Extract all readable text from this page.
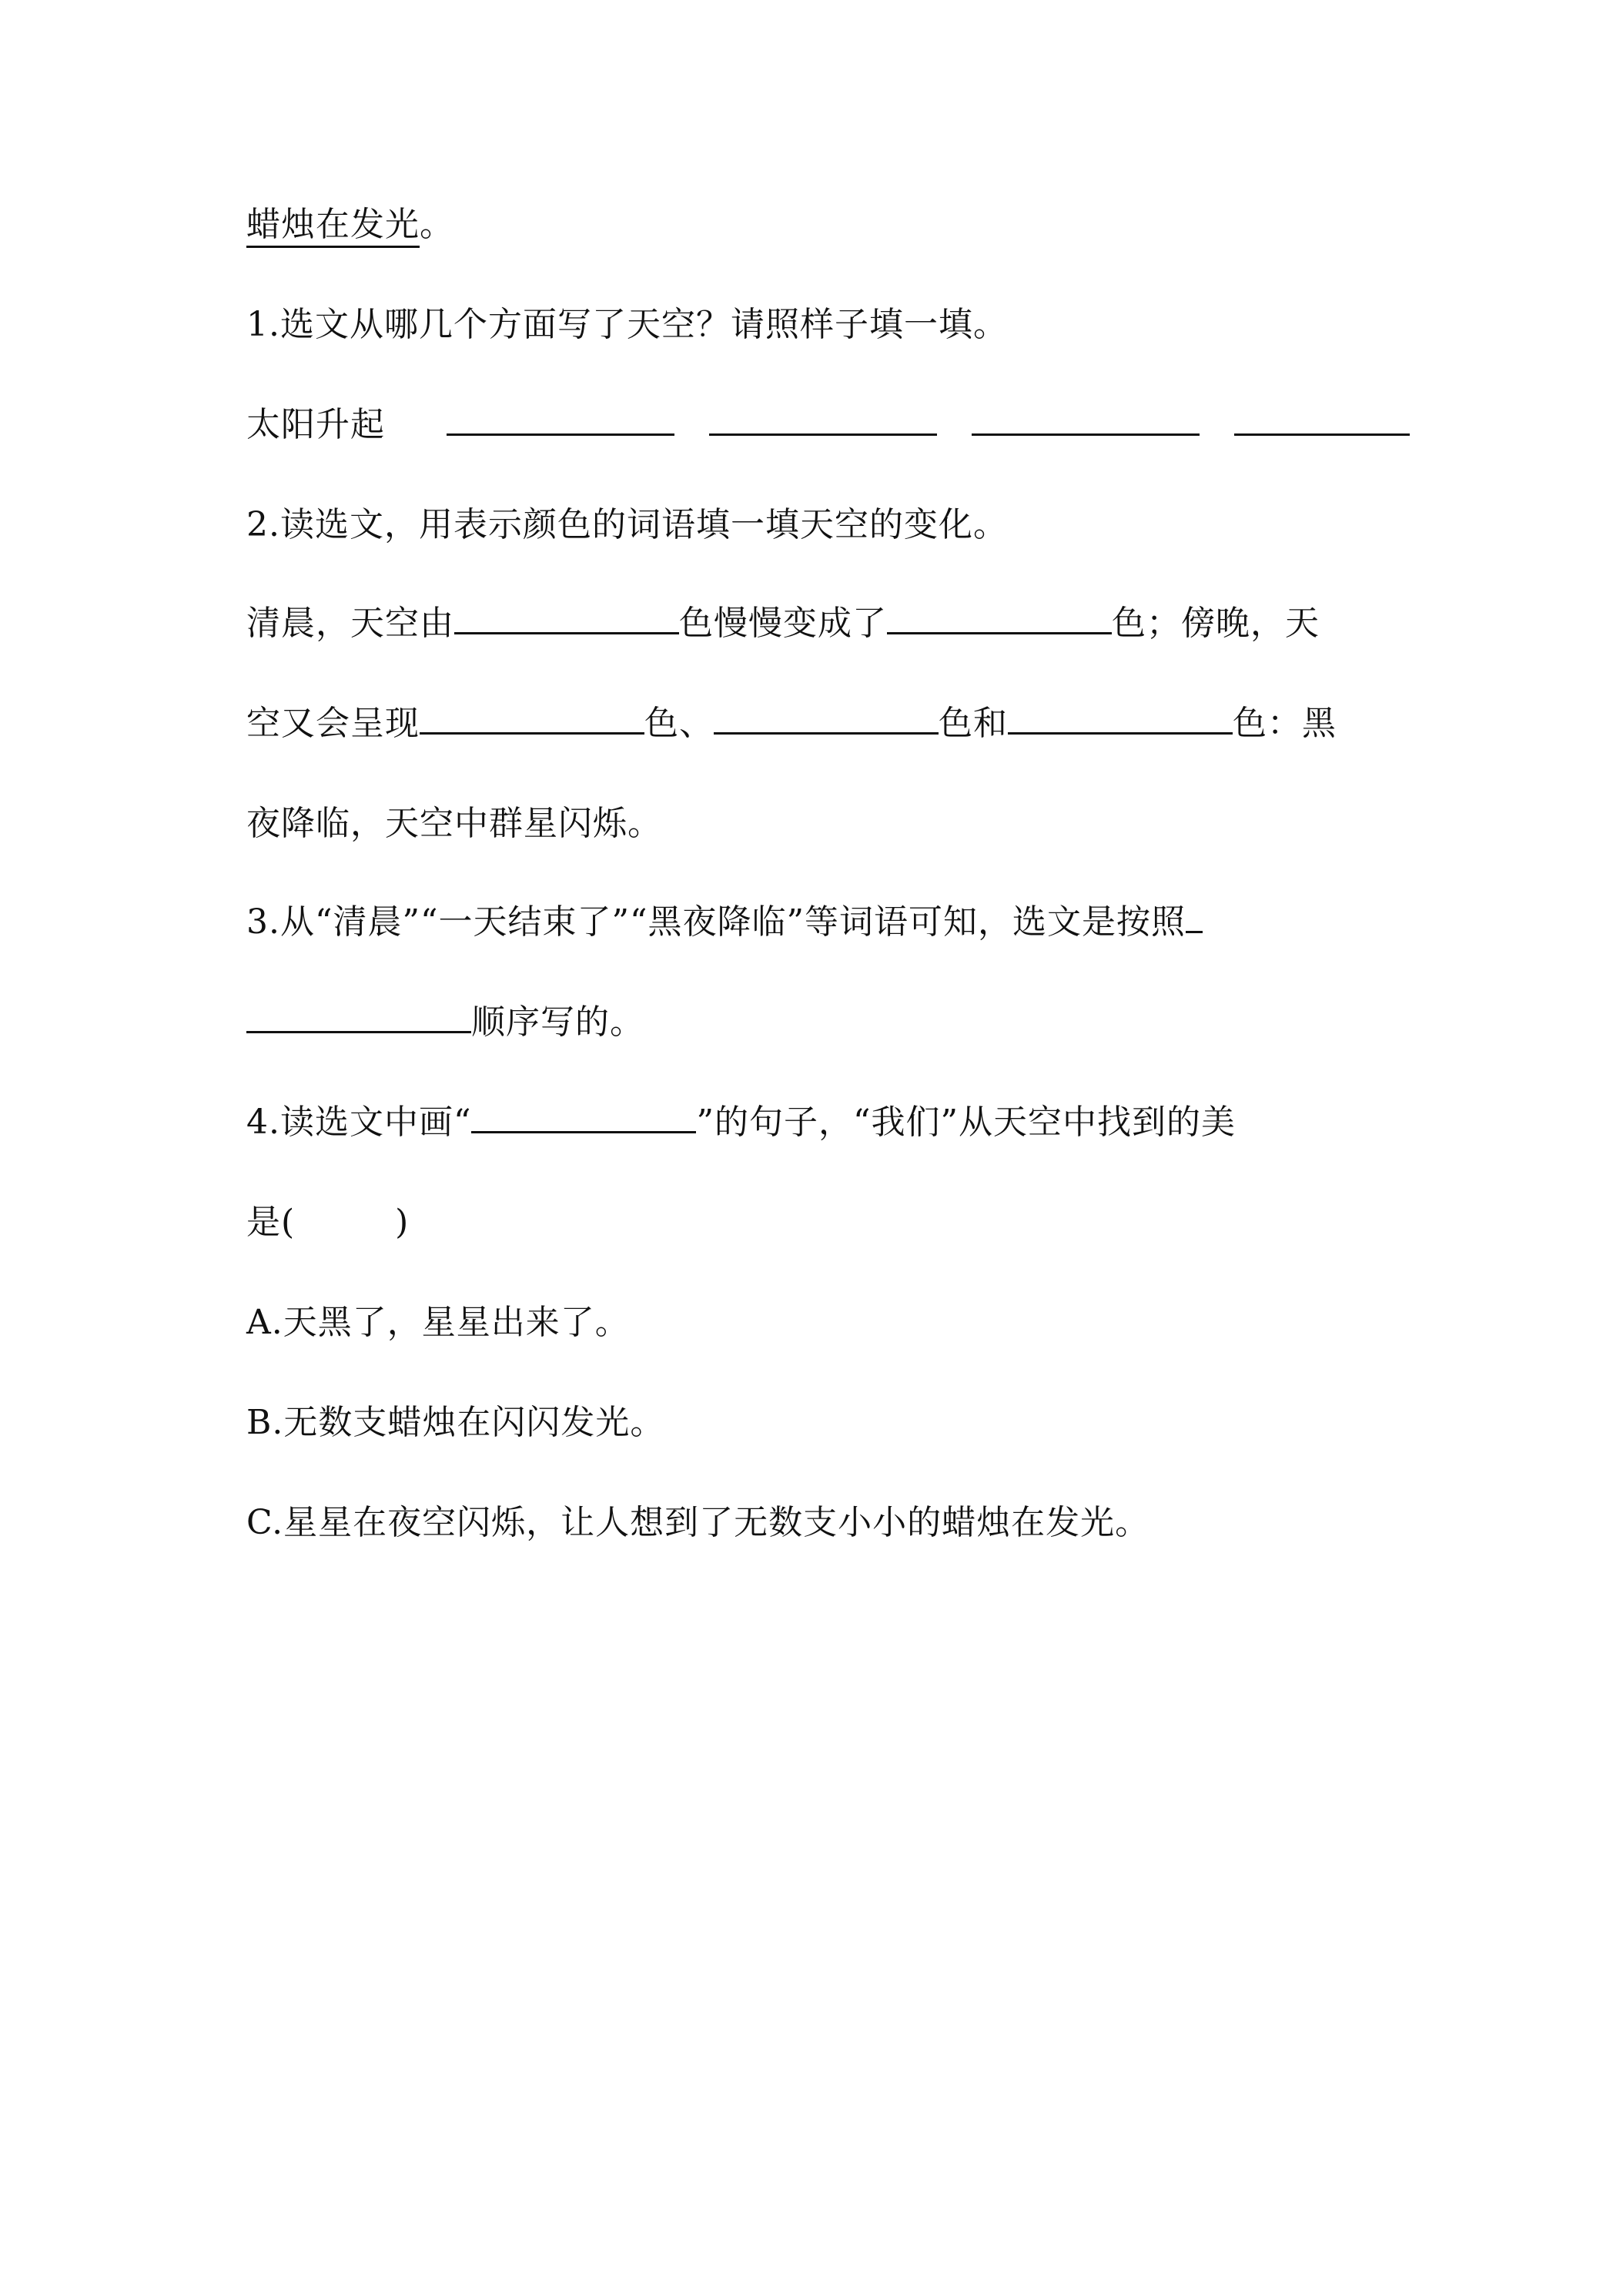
蜡烛在发光。
1.选文从哪几个方面写了天空？请照样子填一填。
太阳升起
2.读选文，用表示颜色的词语填一填天空的变化。
清晨，天空由	色慢慢变成了	色；傍晚，天
空又会呈现	色、	色和	色：黑
夜降临，天空中群星闪烁。
3.从“清晨”“一天结束了”“黑夜降临”等词语可知，选文是按照
顺序写的。
4.读选文中画“	”的句子，“我们”从天空中找到的美
是(	)
A.天黑了，星星出来了。
B.无数支蜡烛在闪闪发光。
C.星星在夜空闪烁，让人想到了无数支小小的蜡烛在发光。
